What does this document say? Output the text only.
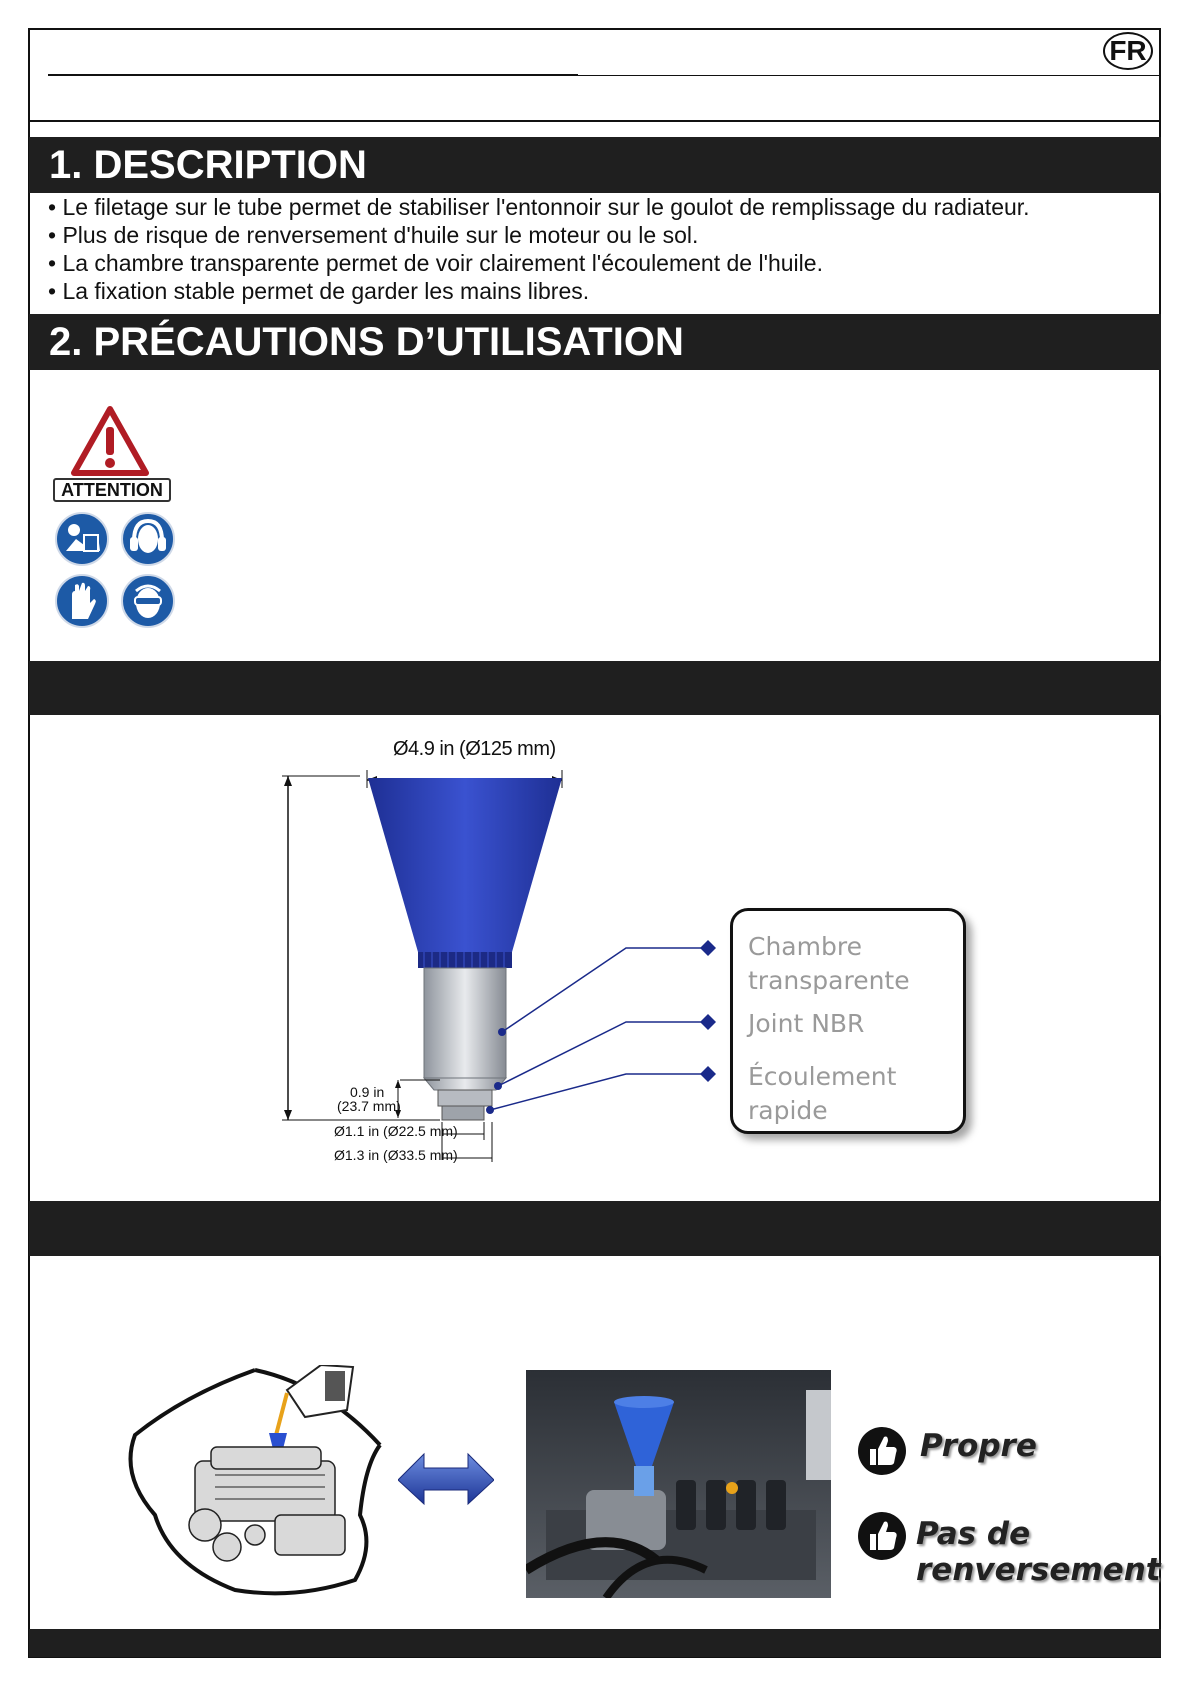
FR
1. DESCRIPTION
• Le filetage sur le tube permet de stabiliser l'entonnoir sur le goulot de remplissage du radiateur.
• Plus de risque de renversement d'huile sur le moteur ou le sol.
• La chambre transparente permet de voir clairement l'écoulement de l'huile.
• La fixation stable permet de garder les mains libres.
2. PRÉCAUTIONS D’UTILISATION
ATTENTION
Ø4.9 in (Ø125 mm)
0.9 in
(23.7 mm)
Ø1.1 in (Ø22.5 mm)
Ø1.3 in (Ø33.5 mm)
Chambre
transparente
Joint NBR
Écoulement
rapide
Propre
Pas de
renversement
